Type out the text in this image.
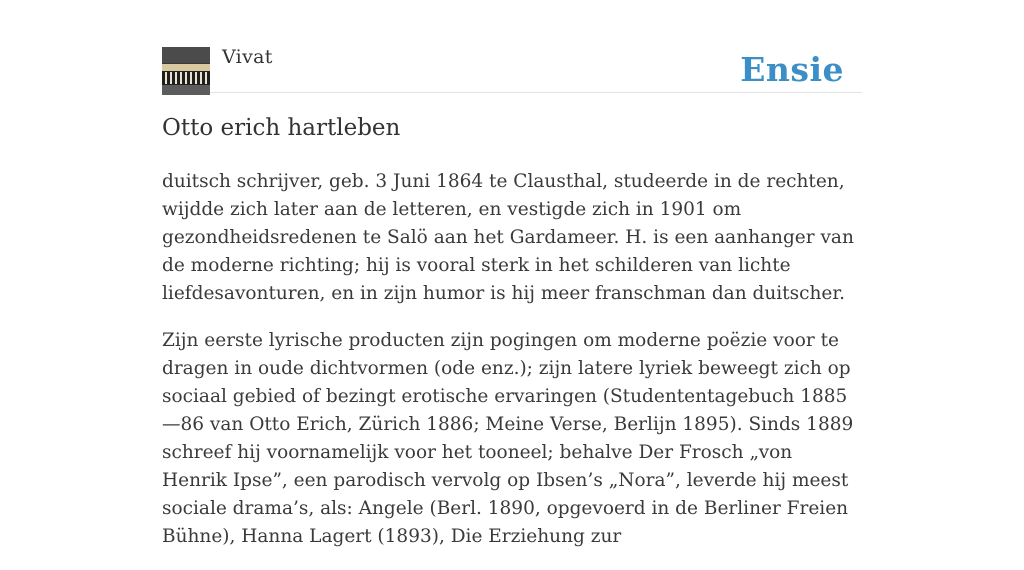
Vivat	Ensie
Otto erich hartleben

duitsch schrijver, geb. 3 Juni 1864 te Clausthal, studeerde in de rechten, wijdde zich later aan de letteren, en vestigde zich in 1901 om gezondheidsredenen te Salö aan het Gardameer. H. is een aanhanger van de moderne richting; hij is vooral sterk in het schilderen van lichte liefdesavonturen, en in zijn humor is hij meer franschman dan duitscher.

Zijn eerste lyrische producten zijn pogingen om moderne poëzie voor te dragen in oude dichtvormen (ode enz.); zijn latere lyriek beweegt zich op sociaal gebied of bezingt erotische ervaringen (Studententagebuch 1885—86 van Otto Erich, Zürich 1886; Meine Verse, Berlijn 1895). Sinds 1889 schreef hij voornamelijk voor het tooneel; behalve Der Frosch „von Henrik Ipse”, een parodisch vervolg op Ibsen’s „Nora”, leverde hij meest sociale drama’s, als: Angele (Berl. 1890, opgevoerd in de Berliner Freien Bühne), Hanna Lagert (1893), Die Erziehung zur
